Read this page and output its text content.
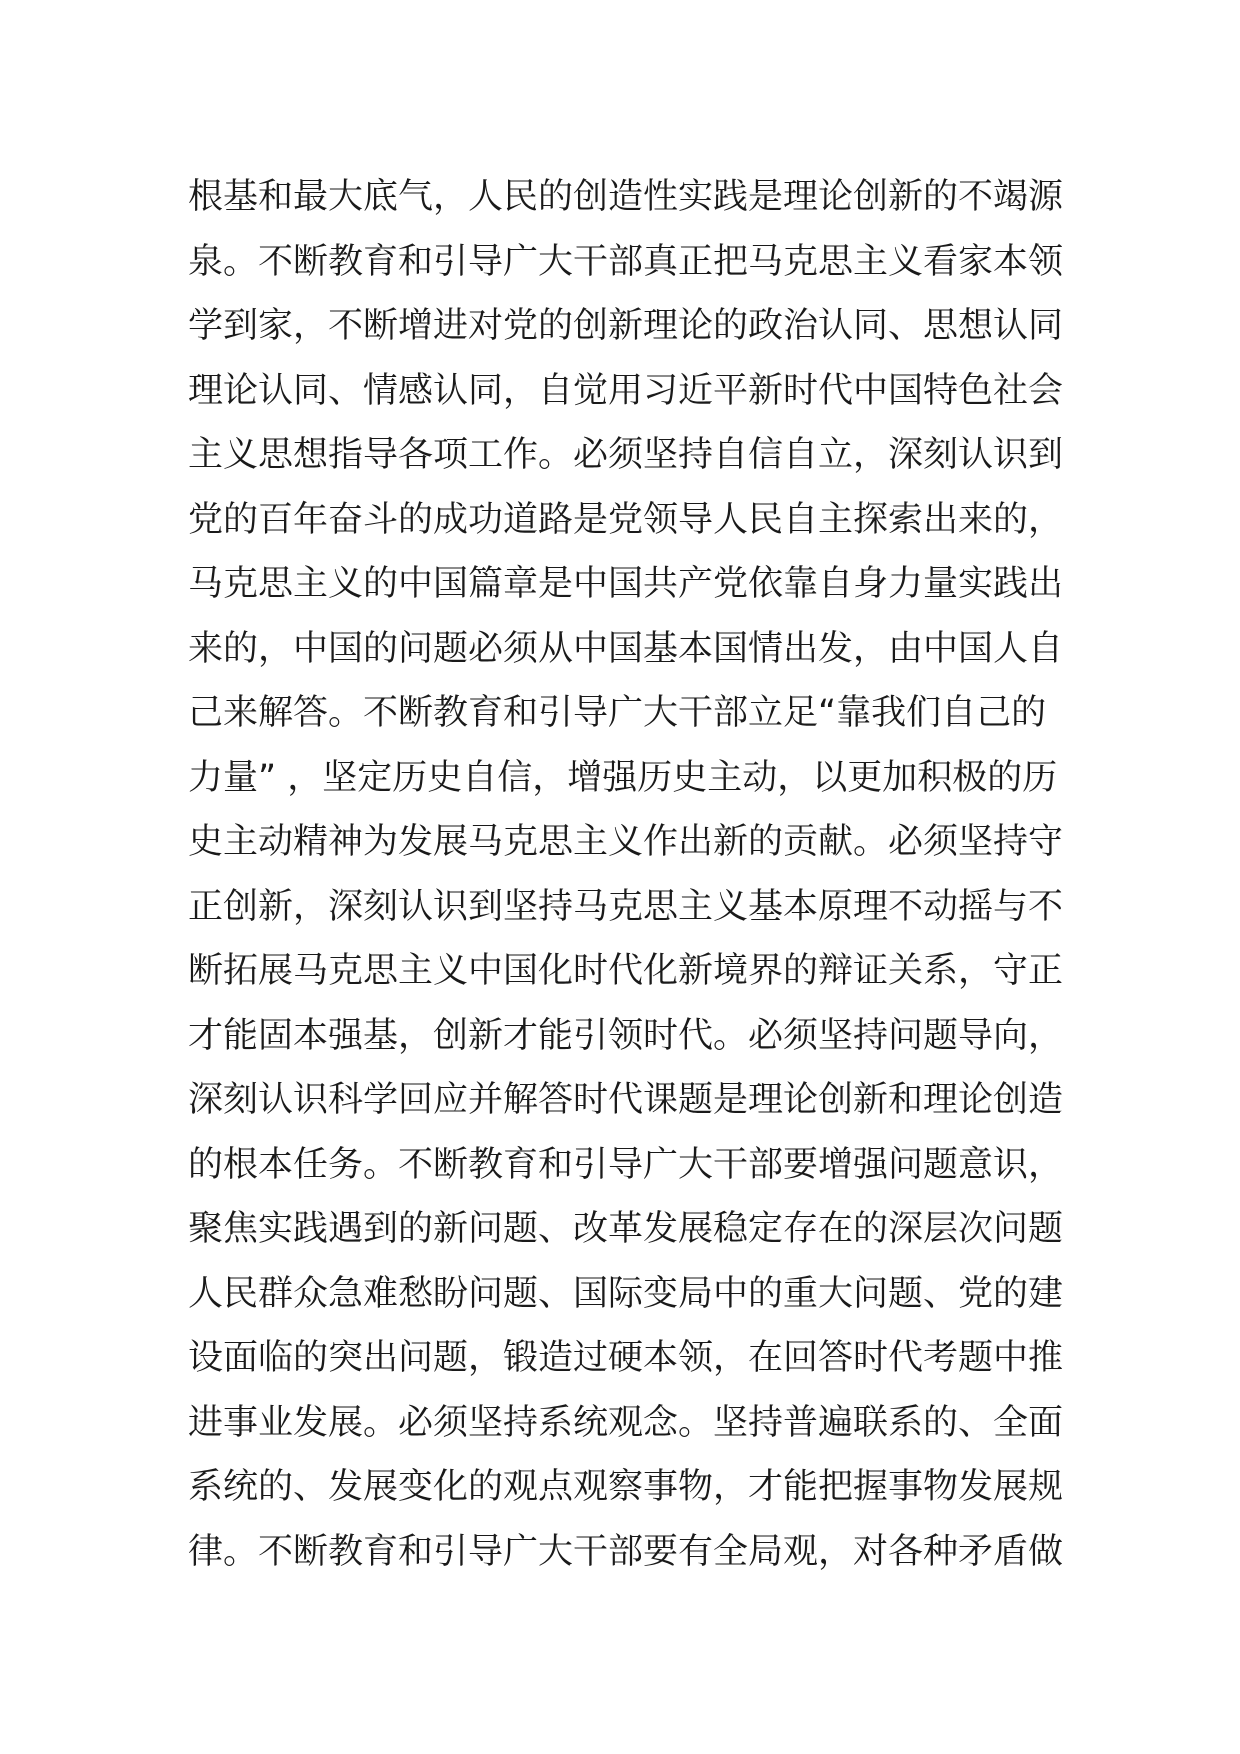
根基和最大底气，人民的创造性实践是理论创新的不竭源
泉。不断教育和引导广大干部真正把马克思主义看家本领
学到家，不断增进对党的创新理论的政治认同、思想认同
理论认同、情感认同，自觉用习近平新时代中国特色社会
主义思想指导各项工作。必须坚持自信自立，深刻认识到
党的百年奋斗的成功道路是党领导人民自主探索出来的，
马克思主义的中国篇章是中国共产党依靠自身力量实践出
来的，中国的问题必须从中国基本国情出发，由中国人自
己来解答。不断教育和引导广大干部立足“靠我们自己的
力量” ，坚定历史自信，增强历史主动，以更加积极的历
史主动精神为发展马克思主义作出新的贡献。必须坚持守
正创新，深刻认识到坚持马克思主义基本原理不动摇与不
断拓展马克思主义中国化时代化新境界的辩证关系，守正
才能固本强基，创新才能引领时代。必须坚持问题导向，
深刻认识科学回应并解答时代课题是理论创新和理论创造
的根本任务。不断教育和引导广大干部要增强问题意识，
聚焦实践遇到的新问题、改革发展稳定存在的深层次问题
人民群众急难愁盼问题、国际变局中的重大问题、党的建
设面临的突出问题，锻造过硬本领，在回答时代考题中推
进事业发展。必须坚持系统观念。坚持普遍联系的、全面
系统的、发展变化的观点观察事物，才能把握事物发展规
律。不断教育和引导广大干部要有全局观，对各种矛盾做
